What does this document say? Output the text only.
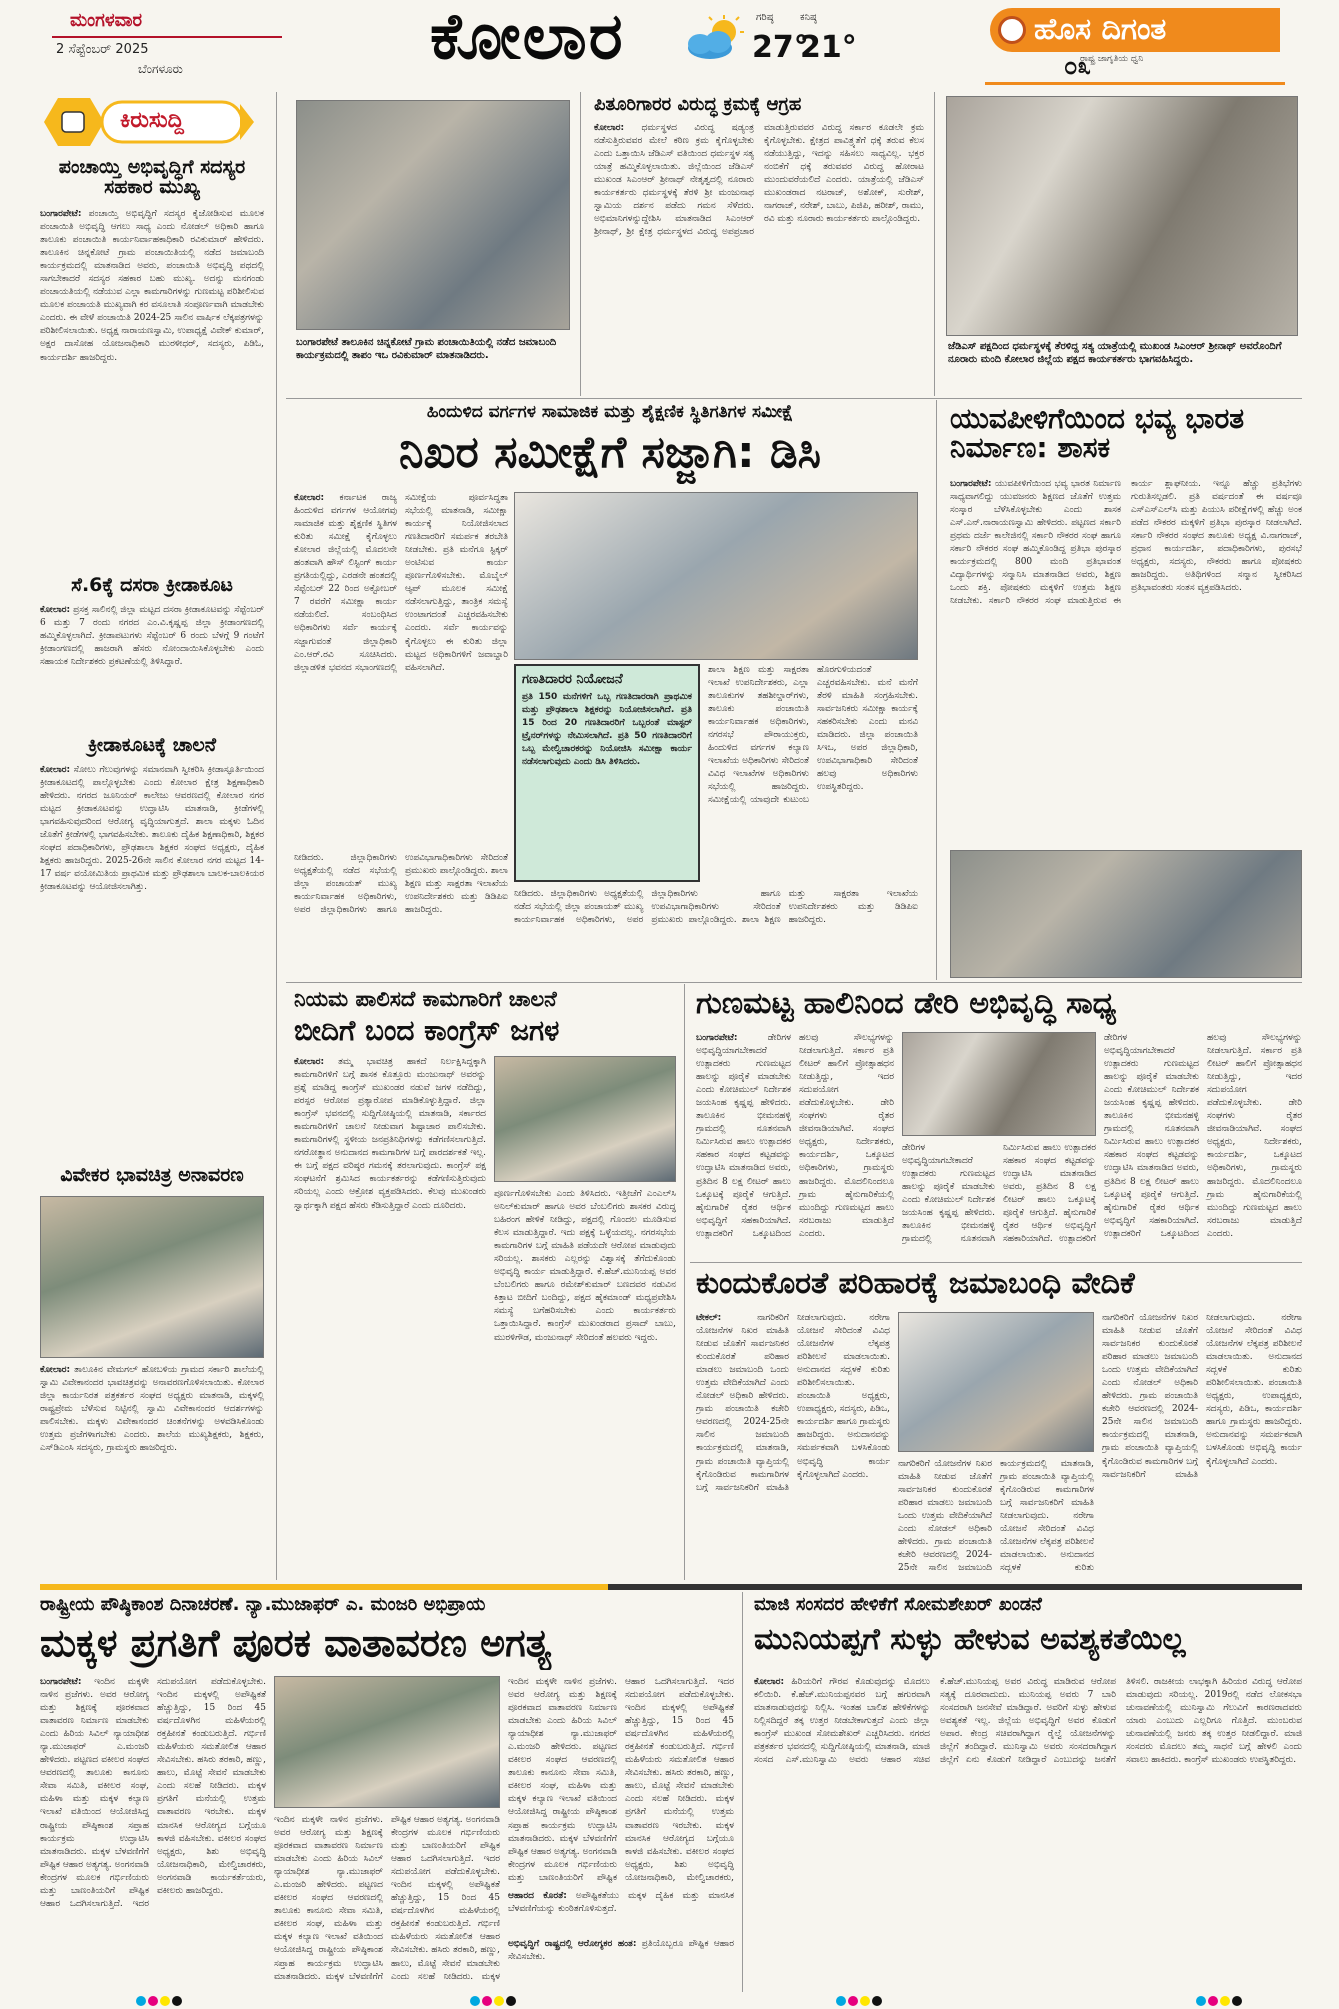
ಮಂಗಳವಾರ
2 ಸೆಪ್ಟೆಂಬರ್ 2025
ಬೆಂಗಳೂರು	ಕೋಲಾರ	ಗರಿಷ್ಠ
27°
ಕನಿಷ್ಠ
21°
ಹೊಸ ದಿಗಂತ
ರಾಷ್ಟ್ರ ಜಾಗೃತಿಯ ಧ್ವನಿ
೦೩
ಕಿರುಸುದ್ದಿ
ಪಂಚಾಯ್ತಿ ಅಭಿವೃದ್ಧಿಗೆ ಸದಸ್ಯರ ಸಹಕಾರ ಮುಖ್ಯ
ಬಂಗಾರಪೇಟೆ: ಪಂಚಾಯ್ತಿ ಅಭಿವೃದ್ಧಿಗೆ ಸದಸ್ಯರ ಕೈಜೋಡಿಸುವ ಮೂಲಕ ಪಂಚಾಯಿತಿ ಅಭಿವೃದ್ಧಿ ಆಗಲು ಸಾಧ್ಯ ಎಂದು ನೋಡಲ್ ಅಧಿಕಾರಿ ಹಾಗೂ ತಾಲೂಕು ಪಂಚಾಯಿತಿ ಕಾರ್ಯನಿರ್ವಾಹಕಾಧಿಕಾರಿ ರವಿಕುಮಾರ್ ಹೇಳಿದರು. ತಾಲೂಕಿನ ಚಿನ್ನಕೋಟೆ ಗ್ರಾಮ ಪಂಚಾಯಿತಿಯಲ್ಲಿ ನಡೆದ ಜಮಾಬಂದಿ ಕಾರ್ಯಕ್ರಮದಲ್ಲಿ ಮಾತನಾಡಿದ ಅವರು, ಪಂಚಾಯಿತಿ ಅಭಿವೃದ್ಧಿ ಪಥದಲ್ಲಿ ಸಾಗಬೇಕಾದರೆ ಸದಸ್ಯರ ಸಹಕಾರ ಬಹು ಮುಖ್ಯ. ಅದನ್ನು ಮನಗಂಡು ಪಂಚಾಯತಿಯಲ್ಲಿ ನಡೆಯುವ ಎಲ್ಲಾ ಕಾಮಗಾರಿಗಳನ್ನು ಗುಣಮಟ್ಟ ಪರಿಶೀಲಿಸುವ ಮೂಲಕ ಪಂಚಾಯತಿ ಮುಖ್ಯವಾಗಿ ಕರ ವಸೂಲಾತಿ ಸಂಪೂರ್ಣವಾಗಿ ಮಾಡಬೇಕು ಎಂದರು. ಈ ವೇಳೆ ಪಂಚಾಯಿತಿ 2024-25 ಸಾಲಿನ ವಾರ್ಷಿಕ ಲೆಕ್ಕಪತ್ರಗಳನ್ನು ಪರಿಶೀಲಿಸಲಾಯಿತು. ಅಧ್ಯಕ್ಷ ನಾರಾಯಣಸ್ವಾಮಿ, ಉಪಾಧ್ಯಕ್ಷೆ ವಿವೇಕ್ ಕುಮಾರ್, ಅಕ್ಷರ ದಾಸೋಹ ಯೋಜನಾಧಿಕಾರಿ ಮುರಳೀಧರ್, ಸದಸ್ಯರು, ಪಿಡಿಓ, ಕಾರ್ಯದರ್ಶಿ ಹಾಜರಿದ್ದರು.
ಸೆ.6ಕ್ಕೆ ದಸರಾ ಕ್ರೀಡಾಕೂಟ
ಕೋಲಾರ: ಪ್ರಸಕ್ತ ಸಾಲಿನಲ್ಲಿ ಜಿಲ್ಲಾ ಮಟ್ಟದ ದಸರಾ ಕ್ರೀಡಾಕೂಟವನ್ನು ಸೆಪ್ಟೆಂಬರ್ 6 ಮತ್ತು 7 ರಂದು ನಗರದ ಎಂ.ವಿ.ಕೃಷ್ಣಪ್ಪ ಜಿಲ್ಲಾ ಕ್ರೀಡಾಂಗಣದಲ್ಲಿ ಹಮ್ಮಿಕೊಳ್ಳಲಾಗಿದೆ. ಕ್ರೀಡಾಪಟುಗಳು ಸೆಪ್ಟೆಂಬರ್ 6 ರಂದು ಬೆಳಗ್ಗೆ 9 ಗಂಟೆಗೆ ಕ್ರೀಡಾಂಗಣದಲ್ಲಿ ಹಾಜರಾಗಿ ಹೆಸರು ನೋಂದಾಯಿಸಿಕೊಳ್ಳಬೇಕು ಎಂದು ಸಹಾಯಕ ನಿರ್ದೇಶಕರು ಪ್ರಕಟಣೆಯಲ್ಲಿ ತಿಳಿಸಿದ್ದಾರೆ.
ಕ್ರೀಡಾಕೂಟಕ್ಕೆ ಚಾಲನೆ
ಕೋಲಾರ: ಸೋಲು ಗೆಲುವುಗಳನ್ನು ಸಮಾನವಾಗಿ ಸ್ವೀಕರಿಸಿ ಕ್ರೀಡಾಸ್ಫೂರ್ತಿಯಿಂದ ಕ್ರೀಡಾಕೂಟದಲ್ಲಿ ಪಾಲ್ಗೊಳ್ಳಬೇಕು ಎಂದು ಕೋಲಾರ ಕ್ಷೇತ್ರ ಶಿಕ್ಷಣಾಧಿಕಾರಿ ಹೇಳಿದರು. ನಗರದ ಜೂನಿಯರ್ ಕಾಲೇಜು ಆವರಣದಲ್ಲಿ ಕೋಲಾರ ನಗರ ಮಟ್ಟದ ಕ್ರೀಡಾಕೂಟವನ್ನು ಉದ್ಘಾಟಿಸಿ ಮಾತನಾಡಿ, ಕ್ರೀಡೆಗಳಲ್ಲಿ ಭಾಗವಹಿಸುವುದರಿಂದ ಆರೋಗ್ಯ ವೃದ್ಧಿಯಾಗುತ್ತದೆ. ಶಾಲಾ ಮಕ್ಕಳು ಓದಿನ ಜೊತೆಗೆ ಕ್ರೀಡೆಗಳಲ್ಲಿ ಭಾಗವಹಿಸಬೇಕು. ತಾಲೂಕು ದೈಹಿಕ ಶಿಕ್ಷಣಾಧಿಕಾರಿ, ಶಿಕ್ಷಕರ ಸಂಘದ ಪದಾಧಿಕಾರಿಗಳು, ಪ್ರೌಢಶಾಲಾ ಶಿಕ್ಷಕರ ಸಂಘದ ಅಧ್ಯಕ್ಷರು, ದೈಹಿಕ ಶಿಕ್ಷಕರು ಹಾಜರಿದ್ದರು. 2025-26ನೇ ಸಾಲಿನ ಕೋಲಾರ ನಗರ ಮಟ್ಟದ 14-17 ವರ್ಷ ವಯೋಮಿತಿಯ ಪ್ರಾಥಮಿಕ ಮತ್ತು ಪ್ರೌಢಶಾಲಾ ಬಾಲಕ-ಬಾಲಕಿಯರ ಕ್ರೀಡಾಕೂಟವನ್ನು ಆಯೋಜಿಸಲಾಗಿತ್ತು.
ವಿವೇಕರ ಭಾವಚಿತ್ರ ಅನಾವರಣ
ಕೋಲಾರ: ತಾಲೂಕಿನ ವೇಮಗಲ್ ಹೋಬಳಿಯ ಗ್ರಾಮದ ಸರ್ಕಾರಿ ಶಾಲೆಯಲ್ಲಿ ಸ್ವಾಮಿ ವಿವೇಕಾನಂದರ ಭಾವಚಿತ್ರವನ್ನು ಅನಾವರಣಗೊಳಿಸಲಾಯಿತು. ಕೋಲಾರ ಜಿಲ್ಲಾ ಕಾರ್ಯನಿರತ ಪತ್ರಕರ್ತರ ಸಂಘದ ಅಧ್ಯಕ್ಷರು ಮಾತನಾಡಿ, ಮಕ್ಕಳಲ್ಲಿ ರಾಷ್ಟ್ರಪ್ರೇಮ ಬೆಳೆಸುವ ನಿಟ್ಟಿನಲ್ಲಿ ಸ್ವಾಮಿ ವಿವೇಕಾನಂದರ ಆದರ್ಶಗಳನ್ನು ಪಾಲಿಸಬೇಕು. ಮಕ್ಕಳು ವಿವೇಕಾನಂದರ ಚಿಂತನೆಗಳನ್ನು ಅಳವಡಿಸಿಕೊಂಡು ಉತ್ತಮ ಪ್ರಜೆಗಳಾಗಬೇಕು ಎಂದರು. ಶಾಲೆಯ ಮುಖ್ಯಶಿಕ್ಷಕರು, ಶಿಕ್ಷಕರು, ಎಸ್‌ಡಿಎಂಸಿ ಸದಸ್ಯರು, ಗ್ರಾಮಸ್ಥರು ಹಾಜರಿದ್ದರು.
ಬಂಗಾರಪೇಟೆ ತಾಲೂಕಿನ ಚಿನ್ನಕೋಟೆ ಗ್ರಾಮ ಪಂಚಾಯಿತಿಯಲ್ಲಿ ನಡೆದ ಜಮಾಬಂದಿ ಕಾರ್ಯಕ್ರಮದಲ್ಲಿ ತಾಪಂ ಇಒ ರವಿಕುಮಾರ್ ಮಾತನಾಡಿದರು.
ಪಿತೂರಿಗಾರರ ವಿರುದ್ಧ ಕ್ರಮಕ್ಕೆ ಆಗ್ರಹ
ಕೋಲಾರ: ಧರ್ಮಸ್ಥಳದ ವಿರುದ್ಧ ಷಡ್ಯಂತ್ರ ನಡೆಸುತ್ತಿರುವವರ ಮೇಲೆ ಕಠಿಣ ಕ್ರಮ ಕೈಗೊಳ್ಳಬೇಕು ಎಂದು ಒತ್ತಾಯಿಸಿ ಜೆಡಿಎಸ್ ವತಿಯಿಂದ ಧರ್ಮಸ್ಥಳ ಸತ್ಯ ಯಾತ್ರೆ ಹಮ್ಮಿಕೊಳ್ಳಲಾಯಿತು. ಜಿಲ್ಲೆಯಿಂದ ಜೆಡಿಎಸ್ ಮುಖಂಡ ಸಿಎಂಆರ್ ಶ್ರೀನಾಥ್ ನೇತೃತ್ವದಲ್ಲಿ ನೂರಾರು ಕಾರ್ಯಕರ್ತರು ಧರ್ಮಸ್ಥಳಕ್ಕೆ ತೆರಳಿ ಶ್ರೀ ಮಂಜುನಾಥ ಸ್ವಾಮಿಯ ದರ್ಶನ ಪಡೆದು ಗಮನ ಸೆಳೆದರು. ಅಭಿಮಾನಿಗಳನ್ನುದ್ದೇಶಿಸಿ ಮಾತನಾಡಿದ ಸಿಎಂಆರ್ ಶ್ರೀನಾಥ್, ಶ್ರೀ ಕ್ಷೇತ್ರ ಧರ್ಮಸ್ಥಳದ ವಿರುದ್ಧ ಅಪಪ್ರಚಾರ ಮಾಡುತ್ತಿರುವವರ ವಿರುದ್ಧ ಸರ್ಕಾರ ಕೂಡಲೇ ಕ್ರಮ ಕೈಗೊಳ್ಳಬೇಕು. ಕ್ಷೇತ್ರದ ಪಾವಿತ್ರ್ಯತೆಗೆ ಧಕ್ಕೆ ತರುವ ಕೆಲಸ ನಡೆಯುತ್ತಿದ್ದು, ಇದನ್ನು ಸಹಿಸಲು ಸಾಧ್ಯವಿಲ್ಲ. ಭಕ್ತರ ನಂಬಿಕೆಗೆ ಧಕ್ಕೆ ತರುವವರ ವಿರುದ್ಧ ಹೋರಾಟ ಮುಂದುವರೆಯಲಿದೆ ಎಂದರು. ಯಾತ್ರೆಯಲ್ಲಿ ಜೆಡಿಎಸ್ ಮುಖಂಡರಾದ ನಟರಾಜ್, ಅಶೋಕ್, ಸುರೇಶ್, ನಾಗರಾಜ್, ನರೇಶ್, ಬಾಬು, ಪಿಜಿಪಿ, ಹರೀಶ್, ರಾಮು, ರವಿ ಮತ್ತು ನೂರಾರು ಕಾರ್ಯಕರ್ತರು ಪಾಲ್ಗೊಂಡಿದ್ದರು.
ಜೆಡಿಎಸ್ ಪಕ್ಷದಿಂದ ಧರ್ಮಸ್ಥಳಕ್ಕೆ ತೆರಳಿದ್ದ ಸತ್ಯ ಯಾತ್ರೆಯಲ್ಲಿ ಮುಖಂಡ ಸಿಎಂಆರ್ ಶ್ರೀನಾಥ್ ಅವರೊಂದಿಗೆ ನೂರಾರು ಮಂದಿ ಕೋಲಾರ ಜಿಲ್ಲೆಯ ಪಕ್ಷದ ಕಾರ್ಯಕರ್ತರು ಭಾಗವಹಿಸಿದ್ದರು.
ಹಿಂದುಳಿದ ವರ್ಗಗಳ ಸಾಮಾಜಿಕ ಮತ್ತು ಶೈಕ್ಷಣಿಕ ಸ್ಥಿತಿಗತಿಗಳ ಸಮೀಕ್ಷೆ
ನಿಖರ ಸಮೀಕ್ಷೆಗೆ ಸಜ್ಜಾಗಿ: ಡಿಸಿ
ಕೋಲಾರ: ಕರ್ನಾಟಕ ರಾಜ್ಯ ಹಿಂದುಳಿದ ವರ್ಗಗಳ ಆಯೋಗವು ಸಾಮಾಜಿಕ ಮತ್ತು ಶೈಕ್ಷಣಿಕ ಸ್ಥಿತಿಗಳ ಕುರಿತು ಸಮೀಕ್ಷೆ ಕೈಗೊಳ್ಳಲು ಕೋಲಾರ ಜಿಲ್ಲೆಯಲ್ಲಿ ಮೊದಲನೇ ಹಂತವಾಗಿ ಹೌಸ್ ಲಿಸ್ಟಿಂಗ್ ಕಾರ್ಯ ಪ್ರಗತಿಯಲ್ಲಿದ್ದು, ಎರಡನೇ ಹಂತದಲ್ಲಿ ಸೆಪ್ಟೆಂಬರ್ 22 ರಿಂದ ಅಕ್ಟೋಬರ್ 7 ರವರೆಗೆ ಸಮೀಕ್ಷಾ ಕಾರ್ಯ ನಡೆಯಲಿದೆ. ಸಂಬಂಧಿಸಿದ ಅಧಿಕಾರಿಗಳು ಸರ್ವೆ ಕಾರ್ಯಕ್ಕೆ ಸಜ್ಜಾಗುವಂತೆ ಜಿಲ್ಲಾಧಿಕಾರಿ ಎಂ.ಆರ್.ರವಿ ಸೂಚಿಸಿದರು. ಜಿಲ್ಲಾಡಳಿತ ಭವನದ ಸಭಾಂಗಣದಲ್ಲಿ ಸಮೀಕ್ಷೆಯ ಪೂರ್ವಸಿದ್ಧತಾ ಸಭೆಯಲ್ಲಿ ಮಾತನಾಡಿ, ಸಮೀಕ್ಷಾ ಕಾರ್ಯಕ್ಕೆ ನಿಯೋಜಿಸಲಾದ ಗಣತಿದಾರರಿಗೆ ಸಮರ್ಪಕ ತರಬೇತಿ ನೀಡಬೇಕು. ಪ್ರತಿ ಮನೆಗೂ ಸ್ಟಿಕ್ಕರ್ ಅಂಟಿಸುವ ಕಾರ್ಯ ಪೂರ್ಣಗೊಳಿಸಬೇಕು. ಮೊಬೈಲ್ ಆ್ಯಪ್ ಮೂಲಕ ಸಮೀಕ್ಷೆ ನಡೆಸಲಾಗುತ್ತಿದ್ದು, ತಾಂತ್ರಿಕ ಸಮಸ್ಯೆ ಉಂಟಾಗದಂತೆ ಎಚ್ಚರವಹಿಸಬೇಕು ಎಂದರು. ಸರ್ವೆ ಕಾರ್ಯವನ್ನು ಕೈಗೊಳ್ಳಲು ಈ ಕುರಿತು ಜಿಲ್ಲಾ ಮಟ್ಟದ ಅಧಿಕಾರಿಗಳಿಗೆ ಜವಾಬ್ದಾರಿ ವಹಿಸಲಾಗಿದೆ.
ಗಣತಿದಾರರ ನಿಯೋಜನೆ
ಪ್ರತಿ 150 ಮನೆಗಳಿಗೆ ಒಬ್ಬ ಗಣತಿದಾರರಾಗಿ ಪ್ರಾಥಮಿಕ ಮತ್ತು ಪ್ರೌಢಶಾಲಾ ಶಿಕ್ಷಕರನ್ನು ನಿಯೋಜಿಸಲಾಗಿದೆ. ಪ್ರತಿ 15 ರಿಂದ 20 ಗಣತಿದಾರರಿಗೆ ಒಬ್ಬರಂತೆ ಮಾಸ್ಟರ್ ಟ್ರೈನರ್‌ಗಳನ್ನು ನೇಮಿಸಲಾಗಿದೆ. ಪ್ರತಿ 50 ಗಣತಿದಾರರಿಗೆ ಒಬ್ಬ ಮೇಲ್ವಿಚಾರಕರನ್ನು ನಿಯೋಜಿಸಿ ಸಮೀಕ್ಷಾ ಕಾರ್ಯ ನಡೆಸಲಾಗುವುದು ಎಂದು ಡಿಸಿ ತಿಳಿಸಿದರು.
ಶಾಲಾ ಶಿಕ್ಷಣ ಮತ್ತು ಸಾಕ್ಷರತಾ ಇಲಾಖೆ ಉಪನಿರ್ದೇಶಕರು, ಎಲ್ಲಾ ತಾಲೂಕುಗಳ ತಹಶೀಲ್ದಾರ್‌ಗಳು, ತಾಲೂಕು ಪಂಚಾಯಿತಿ ಕಾರ್ಯನಿರ್ವಾಹಕ ಅಧಿಕಾರಿಗಳು, ನಗರಸಭೆ ಪೌರಾಯುಕ್ತರು, ಹಿಂದುಳಿದ ವರ್ಗಗಳ ಕಲ್ಯಾಣ ಇಲಾಖೆಯ ಅಧಿಕಾರಿಗಳು ಸೇರಿದಂತೆ ವಿವಿಧ ಇಲಾಖೆಗಳ ಅಧಿಕಾರಿಗಳು ಸಭೆಯಲ್ಲಿ ಹಾಜರಿದ್ದರು. ಸಮೀಕ್ಷೆಯಲ್ಲಿ ಯಾವುದೇ ಕುಟುಂಬ ಹೊರಗುಳಿಯದಂತೆ ಎಚ್ಚರವಹಿಸಬೇಕು. ಮನೆ ಮನೆಗೆ ತೆರಳಿ ಮಾಹಿತಿ ಸಂಗ್ರಹಿಸಬೇಕು. ಸಾರ್ವಜನಿಕರು ಸಮೀಕ್ಷಾ ಕಾರ್ಯಕ್ಕೆ ಸಹಕರಿಸಬೇಕು ಎಂದು ಮನವಿ ಮಾಡಿದರು. ಜಿಲ್ಲಾ ಪಂಚಾಯಿತಿ ಸಿಇಒ, ಅಪರ ಜಿಲ್ಲಾಧಿಕಾರಿ, ಉಪವಿಭಾಗಾಧಿಕಾರಿ ಸೇರಿದಂತೆ ಹಲವು ಅಧಿಕಾರಿಗಳು ಉಪಸ್ಥಿತರಿದ್ದರು.
ನೀಡಿದರು. ಜಿಲ್ಲಾಧಿಕಾರಿಗಳು ಅಧ್ಯಕ್ಷತೆಯಲ್ಲಿ ನಡೆದ ಸಭೆಯಲ್ಲಿ ಜಿಲ್ಲಾ ಪಂಚಾಯತ್ ಮುಖ್ಯ ಕಾರ್ಯನಿರ್ವಾಹಕ ಅಧಿಕಾರಿಗಳು, ಅಪರ ಜಿಲ್ಲಾಧಿಕಾರಿಗಳು ಹಾಗೂ ಉಪವಿಭಾಗಾಧಿಕಾರಿಗಳು ಸೇರಿದಂತೆ ಪ್ರಮುಖರು ಪಾಲ್ಗೊಂಡಿದ್ದರು. ಶಾಲಾ ಶಿಕ್ಷಣ ಮತ್ತು ಸಾಕ್ಷರತಾ ಇಲಾಖೆಯ ಉಪನಿರ್ದೇಶಕರು ಮತ್ತು ಡಿಡಿಪಿಐ ಹಾಜರಿದ್ದರು.
ನೀಡಿದರು. ಜಿಲ್ಲಾಧಿಕಾರಿಗಳು ಅಧ್ಯಕ್ಷತೆಯಲ್ಲಿ ನಡೆದ ಸಭೆಯಲ್ಲಿ ಜಿಲ್ಲಾ ಪಂಚಾಯತ್ ಮುಖ್ಯ ಕಾರ್ಯನಿರ್ವಾಹಕ ಅಧಿಕಾರಿಗಳು, ಅಪರ ಜಿಲ್ಲಾಧಿಕಾರಿಗಳು ಹಾಗೂ ಉಪವಿಭಾಗಾಧಿಕಾರಿಗಳು ಸೇರಿದಂತೆ ಪ್ರಮುಖರು ಪಾಲ್ಗೊಂಡಿದ್ದರು. ಶಾಲಾ ಶಿಕ್ಷಣ ಮತ್ತು ಸಾಕ್ಷರತಾ ಇಲಾಖೆಯ ಉಪನಿರ್ದೇಶಕರು ಮತ್ತು ಡಿಡಿಪಿಐ ಹಾಜರಿದ್ದರು.
ಯುವಪೀಳಿಗೆಯಿಂದ ಭವ್ಯ ಭಾರತ ನಿರ್ಮಾಣ: ಶಾಸಕ
ಬಂಗಾರಪೇಟೆ: ಯುವಪೀಳಿಗೆಯಿಂದ ಭವ್ಯ ಭಾರತ ನಿರ್ಮಾಣ ಸಾಧ್ಯವಾಗಲಿದ್ದು ಯುವಜನರು ಶಿಕ್ಷಣದ ಜೊತೆಗೆ ಉತ್ತಮ ಸಂಸ್ಕಾರ ಬೆಳೆಸಿಕೊಳ್ಳಬೇಕು ಎಂದು ಶಾಸಕ ಎಸ್.ಎನ್.ನಾರಾಯಣಸ್ವಾಮಿ ಹೇಳಿದರು. ಪಟ್ಟಣದ ಸರ್ಕಾರಿ ಪ್ರಥಮ ದರ್ಜೆ ಕಾಲೇಜಿನಲ್ಲಿ ಸರ್ಕಾರಿ ನೌಕರರ ಸಂಘ ಹಾಗೂ ಸರ್ಕಾರಿ ನೌಕರರ ಸಂಘ ಹಮ್ಮಿಕೊಂಡಿದ್ದ ಪ್ರತಿಭಾ ಪುರಸ್ಕಾರ ಕಾರ್ಯಕ್ರಮದಲ್ಲಿ 800 ಮಂದಿ ಪ್ರತಿಭಾವಂತ ವಿದ್ಯಾರ್ಥಿಗಳನ್ನು ಸನ್ಮಾನಿಸಿ ಮಾತನಾಡಿದ ಅವರು, ಶಿಕ್ಷಣ ಒಂದು ಶಕ್ತಿ. ಪೋಷಕರು ಮಕ್ಕಳಿಗೆ ಉತ್ತಮ ಶಿಕ್ಷಣ ನೀಡಬೇಕು. ಸರ್ಕಾರಿ ನೌಕರರ ಸಂಘ ಮಾಡುತ್ತಿರುವ ಈ ಕಾರ್ಯ ಶ್ಲಾಘನೀಯ. ಇನ್ನೂ ಹೆಚ್ಚು ಪ್ರತಿಭೆಗಳು ಗುರುತಿಸಲ್ಪಡಲಿ. ಪ್ರತಿ ವರ್ಷದಂತೆ ಈ ವರ್ಷವೂ ಎಸ್ಎಸ್ಎಲ್‌ಸಿ ಮತ್ತು ಪಿಯುಸಿ ಪರೀಕ್ಷೆಗಳಲ್ಲಿ ಹೆಚ್ಚು ಅಂಕ ಪಡೆದ ನೌಕರರ ಮಕ್ಕಳಿಗೆ ಪ್ರತಿಭಾ ಪುರಸ್ಕಾರ ನೀಡಲಾಗಿದೆ. ಸರ್ಕಾರಿ ನೌಕರರ ಸಂಘದ ತಾಲೂಕು ಅಧ್ಯಕ್ಷ ವಿ.ನಾಗರಾಜ್, ಪ್ರಧಾನ ಕಾರ್ಯದರ್ಶಿ, ಪದಾಧಿಕಾರಿಗಳು, ಪುರಸಭೆ ಅಧ್ಯಕ್ಷರು, ಸದಸ್ಯರು, ನೌಕರರು ಹಾಗೂ ಪೋಷಕರು ಹಾಜರಿದ್ದರು. ಅತಿಥಿಗಳಿಂದ ಸನ್ಮಾನ ಸ್ವೀಕರಿಸಿದ ಪ್ರತಿಭಾವಂತರು ಸಂತಸ ವ್ಯಕ್ತಪಡಿಸಿದರು.
ನಿಯಮ ಪಾಲಿಸದೆ ಕಾಮಗಾರಿಗೆ ಚಾಲನೆ
ಬೀದಿಗೆ ಬಂದ ಕಾಂಗ್ರೆಸ್ ಜಗಳ
ಕೋಲಾರ: ತಮ್ಮ ಭಾವಚಿತ್ರ ಹಾಕದೆ ನಿರ್ಲಕ್ಷಿಸಿದ್ದಕ್ಕಾಗಿ ಕಾಮಗಾರಿಗಳಿಗೆ ಬಗ್ಗೆ ಶಾಸಕ ಕೊತ್ತೂರು ಮಂಜುನಾಥ್ ಅವರನ್ನು ಪ್ರಶ್ನೆ ಮಾಡಿದ್ದ ಕಾಂಗ್ರೆಸ್ ಮುಖಂಡರ ನಡುವೆ ಜಗಳ ನಡೆದಿದ್ದು, ಪರಸ್ಪರ ಆರೋಪ ಪ್ರತ್ಯಾರೋಪ ಮಾಡಿಕೊಳ್ಳುತ್ತಿದ್ದಾರೆ. ಜಿಲ್ಲಾ ಕಾಂಗ್ರೆಸ್ ಭವನದಲ್ಲಿ ಸುದ್ದಿಗೋಷ್ಠಿಯಲ್ಲಿ ಮಾತನಾಡಿ, ಸರ್ಕಾರದ ಕಾಮಗಾರಿಗಳಿಗೆ ಚಾಲನೆ ನೀಡುವಾಗ ಶಿಷ್ಟಾಚಾರ ಪಾಲಿಸಬೇಕು. ಕಾಮಗಾರಿಗಳಲ್ಲಿ ಸ್ಥಳೀಯ ಜನಪ್ರತಿನಿಧಿಗಳನ್ನು ಕಡೆಗಣಿಸಲಾಗುತ್ತಿದೆ. ನಗರೋತ್ಥಾನ ಅನುದಾನದ ಕಾಮಗಾರಿಗಳ ಬಗ್ಗೆ ಪಾರದರ್ಶಕತೆ ಇಲ್ಲ. ಈ ಬಗ್ಗೆ ಪಕ್ಷದ ವರಿಷ್ಠರ ಗಮನಕ್ಕೆ ತರಲಾಗುವುದು. ಕಾಂಗ್ರೆಸ್ ಪಕ್ಷ ಸಂಘಟನೆಗೆ ಶ್ರಮಿಸಿದ ಕಾರ್ಯಕರ್ತರನ್ನು ಕಡೆಗಣಿಸುತ್ತಿರುವುದು ಸರಿಯಲ್ಲ ಎಂದು ಆಕ್ರೋಶ ವ್ಯಕ್ತಪಡಿಸಿದರು. ಕೆಲವು ಮುಖಂಡರು ಸ್ವಾರ್ಥಕ್ಕಾಗಿ ಪಕ್ಷದ ಹೆಸರು ಕೆಡಿಸುತ್ತಿದ್ದಾರೆ ಎಂದು ದೂರಿದರು.
ಪೂರ್ಣಗೊಳಿಸಬೇಕು ಎಂದು ತಿಳಿಸಿದರು. ಇತ್ತೀಚೆಗೆ ಎಂಎಲ್‌ಸಿ ಅನಿಲ್‌ಕುಮಾರ್ ಹಾಗೂ ಅವರ ಬೆಂಬಲಿಗರು ಶಾಸಕರ ವಿರುದ್ಧ ಬಹಿರಂಗ ಹೇಳಿಕೆ ನೀಡಿದ್ದು, ಪಕ್ಷದಲ್ಲಿ ಗೊಂದಲ ಮೂಡಿಸುವ ಕೆಲಸ ಮಾಡುತ್ತಿದ್ದಾರೆ. ಇದು ಪಕ್ಷಕ್ಕೆ ಒಳ್ಳೆಯದಲ್ಲ. ನಗರಸಭೆಯ ಕಾಮಗಾರಿಗಳ ಬಗ್ಗೆ ಮಾಹಿತಿ ಪಡೆಯದೇ ಆರೋಪ ಮಾಡುವುದು ಸರಿಯಲ್ಲ. ಶಾಸಕರು ಎಲ್ಲರನ್ನು ವಿಶ್ವಾಸಕ್ಕೆ ತೆಗೆದುಕೊಂಡು ಅಭಿವೃದ್ಧಿ ಕಾರ್ಯ ಮಾಡುತ್ತಿದ್ದಾರೆ. ಕೆ.ಹೆಚ್.ಮುನಿಯಪ್ಪ ಅವರ ಬೆಂಬಲಿಗರು ಹಾಗೂ ರಮೇಶ್‌ಕುಮಾರ್ ಬಣದವರ ನಡುವಿನ ಕಿತ್ತಾಟ ಬೀದಿಗೆ ಬಂದಿದ್ದು, ಪಕ್ಷದ ಹೈಕಮಾಂಡ್ ಮಧ್ಯಪ್ರವೇಶಿಸಿ ಸಮಸ್ಯೆ ಬಗೆಹರಿಸಬೇಕು ಎಂದು ಕಾರ್ಯಕರ್ತರು ಒತ್ತಾಯಿಸಿದ್ದಾರೆ. ಕಾಂಗ್ರೆಸ್ ಮುಖಂಡರಾದ ಪ್ರಸಾದ್ ಬಾಬು, ಮುರಳಿಗೌಡ, ಮಂಜುನಾಥ್ ಸೇರಿದಂತೆ ಹಲವರು ಇದ್ದರು.
ಗುಣಮಟ್ಟ ಹಾಲಿನಿಂದ ಡೇರಿ ಅಭಿವೃದ್ಧಿ ಸಾಧ್ಯ
ಬಂಗಾರಪೇಟೆ:	ಡೇರಿಗಳ ಅಭಿವೃದ್ಧಿಯಾಗಬೇಕಾದರೆ ಉತ್ಪಾದಕರು ಗುಣಮಟ್ಟದ ಹಾಲನ್ನು ಪೂರೈಕೆ ಮಾಡಬೇಕು ಎಂದು ಕೋಚಿಮುಲ್ ನಿರ್ದೇಶಕ ಜಯಸಿಂಹ ಕೃಷ್ಣಪ್ಪ ಹೇಳಿದರು. ತಾಲೂಕಿನ ಭೀಮನಹಳ್ಳಿ ಗ್ರಾಮದಲ್ಲಿ ನೂತನವಾಗಿ ನಿರ್ಮಿಸಿರುವ ಹಾಲು ಉತ್ಪಾದಕರ ಸಹಕಾರ ಸಂಘದ ಕಟ್ಟಡವನ್ನು ಉದ್ಘಾಟಿಸಿ ಮಾತನಾಡಿದ ಅವರು, ಪ್ರತಿದಿನ 8 ಲಕ್ಷ ಲೀಟರ್ ಹಾಲು ಒಕ್ಕೂಟಕ್ಕೆ ಪೂರೈಕೆ ಆಗುತ್ತಿದೆ. ಹೈನುಗಾರಿಕೆ ರೈತರ ಆರ್ಥಿಕ ಅಭಿವೃದ್ಧಿಗೆ ಸಹಕಾರಿಯಾಗಿದೆ. ಉತ್ಪಾದಕರಿಗೆ ಒಕ್ಕೂಟದಿಂದ ಹಲವು ಸೌಲಭ್ಯಗಳನ್ನು ನೀಡಲಾಗುತ್ತಿದೆ. ಸರ್ಕಾರ ಪ್ರತಿ ಲೀಟರ್ ಹಾಲಿಗೆ ಪ್ರೋತ್ಸಾಹಧನ ನೀಡುತ್ತಿದ್ದು, ಇದರ ಸದುಪಯೋಗ ಪಡೆದುಕೊಳ್ಳಬೇಕು. ಡೇರಿ ಸಂಘಗಳು ರೈತರ ಜೀವನಾಡಿಯಾಗಿವೆ. ಸಂಘದ ಅಧ್ಯಕ್ಷರು, ನಿರ್ದೇಶಕರು, ಕಾರ್ಯದರ್ಶಿ, ಒಕ್ಕೂಟದ ಅಧಿಕಾರಿಗಳು, ಗ್ರಾಮಸ್ಥರು ಹಾಜರಿದ್ದರು. ಮೊದಲಿನಿಂದಲೂ ಗ್ರಾಮ ಹೈನುಗಾರಿಕೆಯಲ್ಲಿ ಮುಂದಿದ್ದು ಗುಣಮಟ್ಟದ ಹಾಲು ಸರಬರಾಜು ಮಾಡುತ್ತಿದೆ ಎಂದರು.
ಡೇರಿಗಳ ಅಭಿವೃದ್ಧಿಯಾಗಬೇಕಾದರೆ ಉತ್ಪಾದಕರು ಗುಣಮಟ್ಟದ ಹಾಲನ್ನು ಪೂರೈಕೆ ಮಾಡಬೇಕು ಎಂದು ಕೋಚಿಮುಲ್ ನಿರ್ದೇಶಕ ಜಯಸಿಂಹ ಕೃಷ್ಣಪ್ಪ ಹೇಳಿದರು. ತಾಲೂಕಿನ ಭೀಮನಹಳ್ಳಿ ಗ್ರಾಮದಲ್ಲಿ ನೂತನವಾಗಿ ನಿರ್ಮಿಸಿರುವ ಹಾಲು ಉತ್ಪಾದಕರ ಸಹಕಾರ ಸಂಘದ ಕಟ್ಟಡವನ್ನು ಉದ್ಘಾಟಿಸಿ ಮಾತನಾಡಿದ ಅವರು, ಪ್ರತಿದಿನ 8 ಲಕ್ಷ ಲೀಟರ್ ಹಾಲು ಒಕ್ಕೂಟಕ್ಕೆ ಪೂರೈಕೆ ಆಗುತ್ತಿದೆ. ಹೈನುಗಾರಿಕೆ ರೈತರ ಆರ್ಥಿಕ ಅಭಿವೃದ್ಧಿಗೆ ಸಹಕಾರಿಯಾಗಿದೆ. ಉತ್ಪಾದಕರಿಗೆ
ಡೇರಿಗಳ ಅಭಿವೃದ್ಧಿಯಾಗಬೇಕಾದರೆ ಉತ್ಪಾದಕರು ಗುಣಮಟ್ಟದ ಹಾಲನ್ನು ಪೂರೈಕೆ ಮಾಡಬೇಕು ಎಂದು ಕೋಚಿಮುಲ್ ನಿರ್ದೇಶಕ ಜಯಸಿಂಹ ಕೃಷ್ಣಪ್ಪ ಹೇಳಿದರು. ತಾಲೂಕಿನ ಭೀಮನಹಳ್ಳಿ ಗ್ರಾಮದಲ್ಲಿ ನೂತನವಾಗಿ ನಿರ್ಮಿಸಿರುವ ಹಾಲು ಉತ್ಪಾದಕರ ಸಹಕಾರ ಸಂಘದ ಕಟ್ಟಡವನ್ನು ಉದ್ಘಾಟಿಸಿ ಮಾತನಾಡಿದ ಅವರು, ಪ್ರತಿದಿನ 8 ಲಕ್ಷ ಲೀಟರ್ ಹಾಲು ಒಕ್ಕೂಟಕ್ಕೆ ಪೂರೈಕೆ ಆಗುತ್ತಿದೆ. ಹೈನುಗಾರಿಕೆ ರೈತರ ಆರ್ಥಿಕ ಅಭಿವೃದ್ಧಿಗೆ ಸಹಕಾರಿಯಾಗಿದೆ. ಉತ್ಪಾದಕರಿಗೆ ಒಕ್ಕೂಟದಿಂದ ಹಲವು ಸೌಲಭ್ಯಗಳನ್ನು ನೀಡಲಾಗುತ್ತಿದೆ. ಸರ್ಕಾರ ಪ್ರತಿ ಲೀಟರ್ ಹಾಲಿಗೆ ಪ್ರೋತ್ಸಾಹಧನ ನೀಡುತ್ತಿದ್ದು, ಇದರ ಸದುಪಯೋಗ ಪಡೆದುಕೊಳ್ಳಬೇಕು. ಡೇರಿ ಸಂಘಗಳು ರೈತರ ಜೀವನಾಡಿಯಾಗಿವೆ. ಸಂಘದ ಅಧ್ಯಕ್ಷರು, ನಿರ್ದೇಶಕರು, ಕಾರ್ಯದರ್ಶಿ, ಒಕ್ಕೂಟದ ಅಧಿಕಾರಿಗಳು, ಗ್ರಾಮಸ್ಥರು ಹಾಜರಿದ್ದರು. ಮೊದಲಿನಿಂದಲೂ ಗ್ರಾಮ ಹೈನುಗಾರಿಕೆಯಲ್ಲಿ ಮುಂದಿದ್ದು ಗುಣಮಟ್ಟದ ಹಾಲು ಸರಬರಾಜು ಮಾಡುತ್ತಿದೆ ಎಂದರು.
ಕುಂದುಕೊರತೆ ಪರಿಹಾರಕ್ಕೆ ಜಮಾಬಂಧಿ ವೇದಿಕೆ
ಟೇಕಲ್:	ನಾಗರಿಕರಿಗೆ ಯೋಜನೆಗಳ ನಿಖರ ಮಾಹಿತಿ ನೀಡುವ ಜೊತೆಗೆ ಸಾರ್ವಜನಿಕರ ಕುಂದುಕೊರತೆ ಪರಿಹಾರ ಮಾಡಲು ಜಮಾಬಂದಿ ಒಂದು ಉತ್ತಮ ವೇದಿಕೆಯಾಗಿದೆ ಎಂದು ನೋಡಲ್ ಅಧಿಕಾರಿ ಹೇಳಿದರು. ಗ್ರಾಮ ಪಂಚಾಯಿತಿ ಕಚೇರಿ ಆವರಣದಲ್ಲಿ 2024-25ನೇ ಸಾಲಿನ ಜಮಾಬಂದಿ ಕಾರ್ಯಕ್ರಮದಲ್ಲಿ ಮಾತನಾಡಿ, ಗ್ರಾಮ ಪಂಚಾಯಿತಿ ವ್ಯಾಪ್ತಿಯಲ್ಲಿ ಕೈಗೊಂಡಿರುವ ಕಾಮಗಾರಿಗಳ ಬಗ್ಗೆ ಸಾರ್ವಜನಿಕರಿಗೆ ಮಾಹಿತಿ ನೀಡಲಾಗುವುದು. ನರೇಗಾ ಯೋಜನೆ ಸೇರಿದಂತೆ ವಿವಿಧ ಯೋಜನೆಗಳ ಲೆಕ್ಕಪತ್ರ ಪರಿಶೀಲನೆ ಮಾಡಲಾಯಿತು. ಅನುದಾನದ ಸದ್ಬಳಕೆ ಕುರಿತು ಪರಿಶೀಲಿಸಲಾಯಿತು. ಪಂಚಾಯಿತಿ ಅಧ್ಯಕ್ಷರು, ಉಪಾಧ್ಯಕ್ಷರು, ಸದಸ್ಯರು, ಪಿಡಿಒ, ಕಾರ್ಯದರ್ಶಿ ಹಾಗೂ ಗ್ರಾಮಸ್ಥರು ಹಾಜರಿದ್ದರು. ಅನುದಾನವನ್ನು ಸಮರ್ಪಕವಾಗಿ ಬಳಸಿಕೊಂಡು ಅಭಿವೃದ್ಧಿ ಕಾರ್ಯ ಕೈಗೊಳ್ಳಲಾಗಿದೆ ಎಂದರು.
ನಾಗರಿಕರಿಗೆ ಯೋಜನೆಗಳ ನಿಖರ ಮಾಹಿತಿ ನೀಡುವ ಜೊತೆಗೆ ಸಾರ್ವಜನಿಕರ ಕುಂದುಕೊರತೆ ಪರಿಹಾರ ಮಾಡಲು ಜಮಾಬಂದಿ ಒಂದು ಉತ್ತಮ ವೇದಿಕೆಯಾಗಿದೆ ಎಂದು ನೋಡಲ್ ಅಧಿಕಾರಿ ಹೇಳಿದರು. ಗ್ರಾಮ ಪಂಚಾಯಿತಿ ಕಚೇರಿ ಆವರಣದಲ್ಲಿ 2024-25ನೇ ಸಾಲಿನ ಜಮಾಬಂದಿ ಕಾರ್ಯಕ್ರಮದಲ್ಲಿ ಮಾತನಾಡಿ, ಗ್ರಾಮ ಪಂಚಾಯಿತಿ ವ್ಯಾಪ್ತಿಯಲ್ಲಿ ಕೈಗೊಂಡಿರುವ ಕಾಮಗಾರಿಗಳ ಬಗ್ಗೆ ಸಾರ್ವಜನಿಕರಿಗೆ ಮಾಹಿತಿ ನೀಡಲಾಗುವುದು. ನರೇಗಾ ಯೋಜನೆ ಸೇರಿದಂತೆ ವಿವಿಧ ಯೋಜನೆಗಳ ಲೆಕ್ಕಪತ್ರ ಪರಿಶೀಲನೆ ಮಾಡಲಾಯಿತು. ಅನುದಾನದ ಸದ್ಬಳಕೆ ಕುರಿತು
ನಾಗರಿಕರಿಗೆ ಯೋಜನೆಗಳ ನಿಖರ ಮಾಹಿತಿ ನೀಡುವ ಜೊತೆಗೆ ಸಾರ್ವಜನಿಕರ ಕುಂದುಕೊರತೆ ಪರಿಹಾರ ಮಾಡಲು ಜಮಾಬಂದಿ ಒಂದು ಉತ್ತಮ ವೇದಿಕೆಯಾಗಿದೆ ಎಂದು ನೋಡಲ್ ಅಧಿಕಾರಿ ಹೇಳಿದರು. ಗ್ರಾಮ ಪಂಚಾಯಿತಿ ಕಚೇರಿ ಆವರಣದಲ್ಲಿ 2024-25ನೇ ಸಾಲಿನ ಜಮಾಬಂದಿ ಕಾರ್ಯಕ್ರಮದಲ್ಲಿ ಮಾತನಾಡಿ, ಗ್ರಾಮ ಪಂಚಾಯಿತಿ ವ್ಯಾಪ್ತಿಯಲ್ಲಿ ಕೈಗೊಂಡಿರುವ ಕಾಮಗಾರಿಗಳ ಬಗ್ಗೆ ಸಾರ್ವಜನಿಕರಿಗೆ ಮಾಹಿತಿ ನೀಡಲಾಗುವುದು. ನರೇಗಾ ಯೋಜನೆ ಸೇರಿದಂತೆ ವಿವಿಧ ಯೋಜನೆಗಳ ಲೆಕ್ಕಪತ್ರ ಪರಿಶೀಲನೆ ಮಾಡಲಾಯಿತು. ಅನುದಾನದ ಸದ್ಬಳಕೆ ಕುರಿತು ಪರಿಶೀಲಿಸಲಾಯಿತು. ಪಂಚಾಯಿತಿ ಅಧ್ಯಕ್ಷರು, ಉಪಾಧ್ಯಕ್ಷರು, ಸದಸ್ಯರು, ಪಿಡಿಒ, ಕಾರ್ಯದರ್ಶಿ ಹಾಗೂ ಗ್ರಾಮಸ್ಥರು ಹಾಜರಿದ್ದರು. ಅನುದಾನವನ್ನು ಸಮರ್ಪಕವಾಗಿ ಬಳಸಿಕೊಂಡು ಅಭಿವೃದ್ಧಿ ಕಾರ್ಯ ಕೈಗೊಳ್ಳಲಾಗಿದೆ ಎಂದರು.
ರಾಷ್ಟ್ರೀಯ ಪೌಷ್ಠಿಕಾಂಶ ದಿನಾಚರಣೆ. ನ್ಯಾ.ಮುಜಾಫರ್ ಎ. ಮಂಜರಿ ಅಭಿಪ್ರಾಯ
ಮಕ್ಕಳ ಪ್ರಗತಿಗೆ ಪೂರಕ ವಾತಾವರಣ ಅಗತ್ಯ
ಬಂಗಾರಪೇಟೆ: ಇಂದಿನ ಮಕ್ಕಳೇ ನಾಳಿನ ಪ್ರಜೆಗಳು. ಅವರ ಆರೋಗ್ಯ ಮತ್ತು ಶಿಕ್ಷಣಕ್ಕೆ ಪೂರಕವಾದ ವಾತಾವರಣ ನಿರ್ಮಾಣ ಮಾಡಬೇಕು ಎಂದು ಹಿರಿಯ ಸಿವಿಲ್ ನ್ಯಾಯಾಧೀಶ ನ್ಯಾ.ಮುಜಾಫರ್ ಎ.ಮಂಜರಿ ಹೇಳಿದರು. ಪಟ್ಟಣದ ವಕೀಲರ ಸಂಘದ ಆವರಣದಲ್ಲಿ ತಾಲೂಕು ಕಾನೂನು ಸೇವಾ ಸಮಿತಿ, ವಕೀಲರ ಸಂಘ, ಮಹಿಳಾ ಮತ್ತು ಮಕ್ಕಳ ಕಲ್ಯಾಣ ಇಲಾಖೆ ವತಿಯಿಂದ ಆಯೋಜಿಸಿದ್ದ ರಾಷ್ಟ್ರೀಯ ಪೌಷ್ಠಿಕಾಂಶ ಸಪ್ತಾಹ ಕಾರ್ಯಕ್ರಮ ಉದ್ಘಾಟಿಸಿ ಮಾತನಾಡಿದರು. ಮಕ್ಕಳ ಬೆಳವಣಿಗೆಗೆ ಪೌಷ್ಟಿಕ ಆಹಾರ ಅತ್ಯಗತ್ಯ. ಅಂಗನವಾಡಿ ಕೇಂದ್ರಗಳ ಮೂಲಕ ಗರ್ಭಿಣಿಯರು ಮತ್ತು ಬಾಣಂತಿಯರಿಗೆ ಪೌಷ್ಟಿಕ ಆಹಾರ ಒದಗಿಸಲಾಗುತ್ತಿದೆ. ಇದರ ಸದುಪಯೋಗ ಪಡೆದುಕೊಳ್ಳಬೇಕು. ಇಂದಿನ ಮಕ್ಕಳಲ್ಲಿ ಅಪೌಷ್ಟಿಕತೆ ಹೆಚ್ಚುತ್ತಿದ್ದು, 15 ರಿಂದ 45 ವರ್ಷದೊಳಗಿನ ಮಹಿಳೆಯರಲ್ಲಿ ರಕ್ತಹೀನತೆ ಕಂಡುಬರುತ್ತಿದೆ. ಗರ್ಭಿಣಿ ಮಹಿಳೆಯರು ಸಮತೋಲಿತ ಆಹಾರ ಸೇವಿಸಬೇಕು. ಹಸಿರು ತರಕಾರಿ, ಹಣ್ಣು, ಹಾಲು, ಮೊಟ್ಟೆ ಸೇವನೆ ಮಾಡಬೇಕು ಎಂದು ಸಲಹೆ ನೀಡಿದರು. ಮಕ್ಕಳ ಪ್ರಗತಿಗೆ ಮನೆಯಲ್ಲಿ ಉತ್ತಮ ವಾತಾವರಣ ಇರಬೇಕು. ಮಕ್ಕಳ ಮಾನಸಿಕ ಆರೋಗ್ಯದ ಬಗ್ಗೆಯೂ ಕಾಳಜಿ ವಹಿಸಬೇಕು. ವಕೀಲರ ಸಂಘದ ಅಧ್ಯಕ್ಷರು, ಶಿಶು ಅಭಿವೃದ್ಧಿ ಯೋಜನಾಧಿಕಾರಿ, ಮೇಲ್ವಿಚಾರಕರು, ಅಂಗನವಾಡಿ ಕಾರ್ಯಕರ್ತೆಯರು, ವಕೀಲರು ಹಾಜರಿದ್ದರು.
ಇಂದಿನ ಮಕ್ಕಳೇ ನಾಳಿನ ಪ್ರಜೆಗಳು. ಅವರ ಆರೋಗ್ಯ ಮತ್ತು ಶಿಕ್ಷಣಕ್ಕೆ ಪೂರಕವಾದ ವಾತಾವರಣ ನಿರ್ಮಾಣ ಮಾಡಬೇಕು ಎಂದು ಹಿರಿಯ ಸಿವಿಲ್ ನ್ಯಾಯಾಧೀಶ ನ್ಯಾ.ಮುಜಾಫರ್ ಎ.ಮಂಜರಿ ಹೇಳಿದರು. ಪಟ್ಟಣದ ವಕೀಲರ ಸಂಘದ ಆವರಣದಲ್ಲಿ ತಾಲೂಕು ಕಾನೂನು ಸೇವಾ ಸಮಿತಿ, ವಕೀಲರ ಸಂಘ, ಮಹಿಳಾ ಮತ್ತು ಮಕ್ಕಳ ಕಲ್ಯಾಣ ಇಲಾಖೆ ವತಿಯಿಂದ ಆಯೋಜಿಸಿದ್ದ ರಾಷ್ಟ್ರೀಯ ಪೌಷ್ಠಿಕಾಂಶ ಸಪ್ತಾಹ ಕಾರ್ಯಕ್ರಮ ಉದ್ಘಾಟಿಸಿ ಮಾತನಾಡಿದರು. ಮಕ್ಕಳ ಬೆಳವಣಿಗೆಗೆ ಪೌಷ್ಟಿಕ ಆಹಾರ ಅತ್ಯಗತ್ಯ. ಅಂಗನವಾಡಿ ಕೇಂದ್ರಗಳ ಮೂಲಕ ಗರ್ಭಿಣಿಯರು ಮತ್ತು ಬಾಣಂತಿಯರಿಗೆ ಪೌಷ್ಟಿಕ ಆಹಾರ ಒದಗಿಸಲಾಗುತ್ತಿದೆ. ಇದರ ಸದುಪಯೋಗ ಪಡೆದುಕೊಳ್ಳಬೇಕು. ಇಂದಿನ ಮಕ್ಕಳಲ್ಲಿ ಅಪೌಷ್ಟಿಕತೆ ಹೆಚ್ಚುತ್ತಿದ್ದು, 15 ರಿಂದ 45 ವರ್ಷದೊಳಗಿನ ಮಹಿಳೆಯರಲ್ಲಿ ರಕ್ತಹೀನತೆ ಕಂಡುಬರುತ್ತಿದೆ. ಗರ್ಭಿಣಿ ಮಹಿಳೆಯರು ಸಮತೋಲಿತ ಆಹಾರ ಸೇವಿಸಬೇಕು. ಹಸಿರು ತರಕಾರಿ, ಹಣ್ಣು, ಹಾಲು, ಮೊಟ್ಟೆ ಸೇವನೆ ಮಾಡಬೇಕು ಎಂದು ಸಲಹೆ ನೀಡಿದರು. ಮಕ್ಕಳ
ಇಂದಿನ ಮಕ್ಕಳೇ ನಾಳಿನ ಪ್ರಜೆಗಳು. ಅವರ ಆರೋಗ್ಯ ಮತ್ತು ಶಿಕ್ಷಣಕ್ಕೆ ಪೂರಕವಾದ ವಾತಾವರಣ ನಿರ್ಮಾಣ ಮಾಡಬೇಕು ಎಂದು ಹಿರಿಯ ಸಿವಿಲ್ ನ್ಯಾಯಾಧೀಶ ನ್ಯಾ.ಮುಜಾಫರ್ ಎ.ಮಂಜರಿ ಹೇಳಿದರು. ಪಟ್ಟಣದ ವಕೀಲರ ಸಂಘದ ಆವರಣದಲ್ಲಿ ತಾಲೂಕು ಕಾನೂನು ಸೇವಾ ಸಮಿತಿ, ವಕೀಲರ ಸಂಘ, ಮಹಿಳಾ ಮತ್ತು ಮಕ್ಕಳ ಕಲ್ಯಾಣ ಇಲಾಖೆ ವತಿಯಿಂದ ಆಯೋಜಿಸಿದ್ದ ರಾಷ್ಟ್ರೀಯ ಪೌಷ್ಠಿಕಾಂಶ ಸಪ್ತಾಹ ಕಾರ್ಯಕ್ರಮ ಉದ್ಘಾಟಿಸಿ ಮಾತನಾಡಿದರು. ಮಕ್ಕಳ ಬೆಳವಣಿಗೆಗೆ ಪೌಷ್ಟಿಕ ಆಹಾರ ಅತ್ಯಗತ್ಯ. ಅಂಗನವಾಡಿ ಕೇಂದ್ರಗಳ ಮೂಲಕ ಗರ್ಭಿಣಿಯರು ಮತ್ತು ಬಾಣಂತಿಯರಿಗೆ ಪೌಷ್ಟಿಕ ಆಹಾರ ಒದಗಿಸಲಾಗುತ್ತಿದೆ. ಇದರ ಸದುಪಯೋಗ ಪಡೆದುಕೊಳ್ಳಬೇಕು. ಇಂದಿನ ಮಕ್ಕಳಲ್ಲಿ ಅಪೌಷ್ಟಿಕತೆ ಹೆಚ್ಚುತ್ತಿದ್ದು, 15 ರಿಂದ 45 ವರ್ಷದೊಳಗಿನ ಮಹಿಳೆಯರಲ್ಲಿ ರಕ್ತಹೀನತೆ ಕಂಡುಬರುತ್ತಿದೆ. ಗರ್ಭಿಣಿ ಮಹಿಳೆಯರು ಸಮತೋಲಿತ ಆಹಾರ ಸೇವಿಸಬೇಕು. ಹಸಿರು ತರಕಾರಿ, ಹಣ್ಣು, ಹಾಲು, ಮೊಟ್ಟೆ ಸೇವನೆ ಮಾಡಬೇಕು ಎಂದು ಸಲಹೆ ನೀಡಿದರು. ಮಕ್ಕಳ ಪ್ರಗತಿಗೆ ಮನೆಯಲ್ಲಿ ಉತ್ತಮ ವಾತಾವರಣ ಇರಬೇಕು. ಮಕ್ಕಳ ಮಾನಸಿಕ ಆರೋಗ್ಯದ ಬಗ್ಗೆಯೂ ಕಾಳಜಿ ವಹಿಸಬೇಕು. ವಕೀಲರ ಸಂಘದ ಅಧ್ಯಕ್ಷರು, ಶಿಶು ಅಭಿವೃದ್ಧಿ ಯೋಜನಾಧಿಕಾರಿ, ಮೇಲ್ವಿಚಾರಕರು,
ಆಹಾರದ ಕೊರತೆ: ಅಪೌಷ್ಟಿಕತೆಯು ಮಕ್ಕಳ ದೈಹಿಕ ಮತ್ತು ಮಾನಸಿಕ ಬೆಳವಣಿಗೆಯನ್ನು ಕುಂಠಿತಗೊಳಿಸುತ್ತದೆ.
ಅಭಿವೃದ್ಧಿಗೆ ರಾಷ್ಟ್ರದಲ್ಲಿ ಆರೋಗ್ಯಕರ ಹಂತ: ಪ್ರತಿಯೊಬ್ಬರೂ ಪೌಷ್ಟಿಕ ಆಹಾರ ಸೇವಿಸಬೇಕು.
ಮಾಜಿ ಸಂಸದರ ಹೇಳಿಕೆಗೆ ಸೋಮಶೇಖರ್ ಖಂಡನೆ
ಮುನಿಯಪ್ಪಗೆ ಸುಳ್ಳು ಹೇಳುವ ಅವಶ್ಯಕತೆಯಿಲ್ಲ
ಕೋಲಾರ: ಹಿರಿಯರಿಗೆ ಗೌರವ ಕೊಡುವುದನ್ನು ಮೊದಲು ಕಲಿಯಿರಿ. ಕೆ.ಹೆಚ್.ಮುನಿಯಪ್ಪನವರ ಬಗ್ಗೆ ಹಗುರವಾಗಿ ಮಾತನಾಡುವುದನ್ನು ನಿಲ್ಲಿಸಿ. ಇಂತಹ ಬಾಲಿಶ ಹೇಳಿಕೆಗಳನ್ನು ನಿಲ್ಲಿಸದಿದ್ದರೆ ತಕ್ಕ ಉತ್ತರ ನೀಡಬೇಕಾಗುತ್ತದೆ ಎಂದು ಜಿಲ್ಲಾ ಕಾಂಗ್ರೆಸ್ ಮುಖಂಡ ಸೋಮಶೇಖರ್ ಎಚ್ಚರಿಸಿದರು. ನಗರದ ಪತ್ರಕರ್ತರ ಭವನದಲ್ಲಿ ಸುದ್ದಿಗೋಷ್ಠಿಯಲ್ಲಿ ಮಾತನಾಡಿ, ಮಾಜಿ ಸಂಸದ ಎಸ್.ಮುನಿಸ್ವಾಮಿ ಅವರು ಆಹಾರ ಸಚಿವ ಕೆ.ಹೆಚ್.ಮುನಿಯಪ್ಪ ಅವರ ವಿರುದ್ಧ ಮಾಡಿರುವ ಆರೋಪ ಸತ್ಯಕ್ಕೆ ದೂರವಾದುದು. ಮುನಿಯಪ್ಪ ಅವರು 7 ಬಾರಿ ಸಂಸದರಾಗಿ ಜನಸೇವೆ ಮಾಡಿದ್ದಾರೆ. ಅವರಿಗೆ ಸುಳ್ಳು ಹೇಳುವ ಅವಶ್ಯಕತೆ ಇಲ್ಲ. ಜಿಲ್ಲೆಯ ಅಭಿವೃದ್ಧಿಗೆ ಅವರ ಕೊಡುಗೆ ಅಪಾರ. ಕೇಂದ್ರ ಸಚಿವರಾಗಿದ್ದಾಗ ರೈಲ್ವೆ ಯೋಜನೆಗಳನ್ನು ಜಿಲ್ಲೆಗೆ ತಂದಿದ್ದಾರೆ. ಮುನಿಸ್ವಾಮಿ ಅವರು ಸಂಸದರಾಗಿದ್ದಾಗ ಜಿಲ್ಲೆಗೆ ಏನು ಕೊಡುಗೆ ನೀಡಿದ್ದಾರೆ ಎಂಬುದನ್ನು ಜನತೆಗೆ ತಿಳಿಸಲಿ. ರಾಜಕೀಯ ಲಾಭಕ್ಕಾಗಿ ಹಿರಿಯರ ವಿರುದ್ಧ ಆರೋಪ ಮಾಡುವುದು ಸರಿಯಲ್ಲ. 2019ರಲ್ಲಿ ನಡೆದ ಲೋಕಸಭಾ ಚುನಾವಣೆಯಲ್ಲಿ ಮುನಿಸ್ವಾಮಿ ಗೆಲುವಿಗೆ ಕಾರಣರಾದವರು ಯಾರು ಎಂಬುದು ಎಲ್ಲರಿಗೂ ಗೊತ್ತಿದೆ. ಮುಂಬರುವ ಚುನಾವಣೆಯಲ್ಲಿ ಜನರು ತಕ್ಕ ಉತ್ತರ ನೀಡಲಿದ್ದಾರೆ. ಮಾಜಿ ಸಂಸದರು ಮೊದಲು ತಮ್ಮ ಸಾಧನೆ ಬಗ್ಗೆ ಹೇಳಲಿ ಎಂದು ಸವಾಲು ಹಾಕಿದರು. ಕಾಂಗ್ರೆಸ್ ಮುಖಂಡರು ಉಪಸ್ಥಿತರಿದ್ದರು.
